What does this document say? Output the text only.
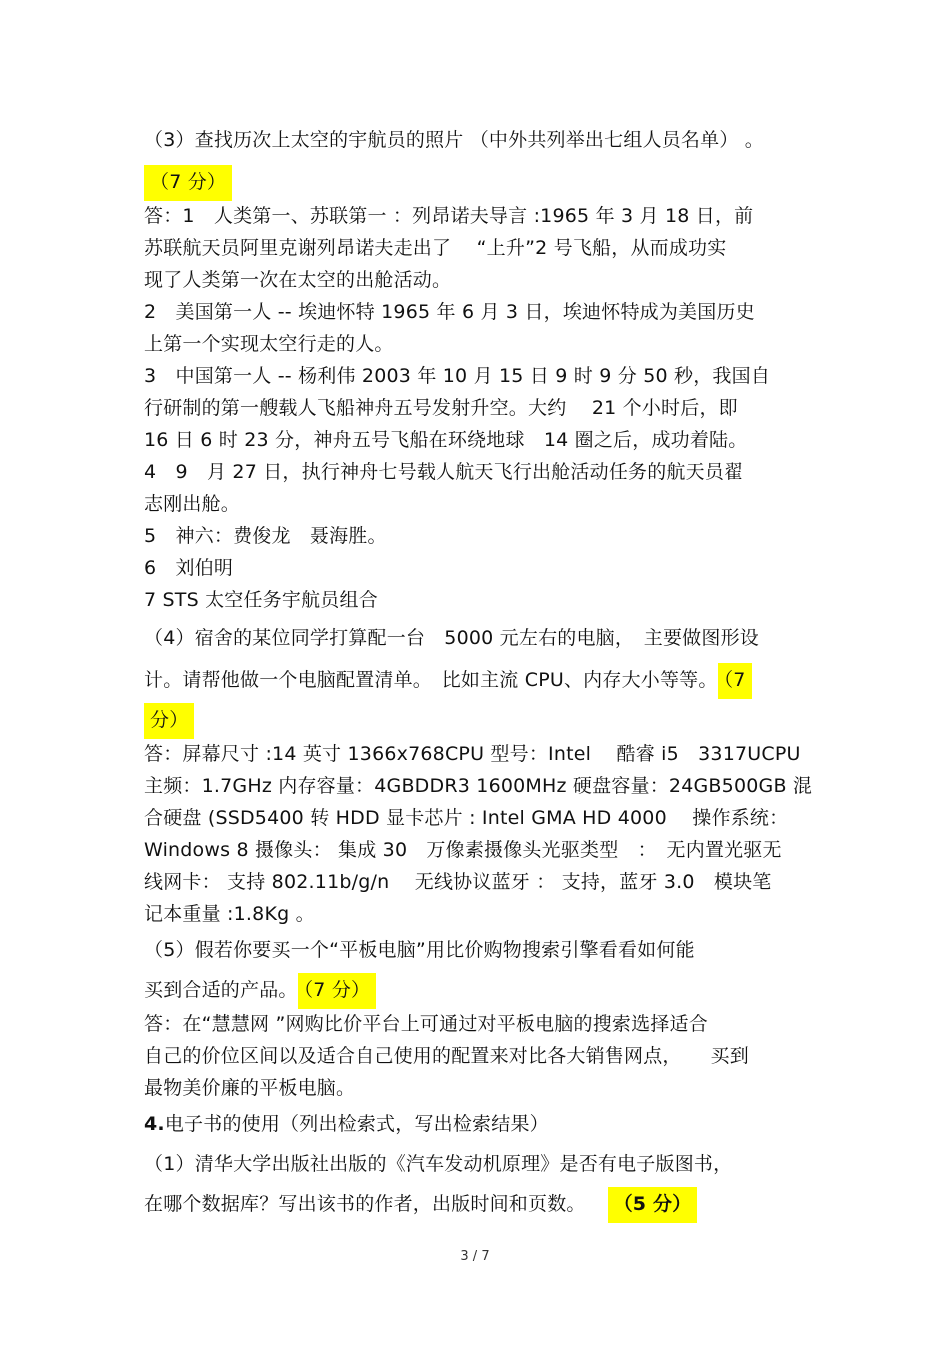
（3）查找历次上太空的宇航员的照片 （中外共列举出七组人员名单） 。
（7 分）
答：1　人类第一、苏联第一 ：列昂诺夫导言 :1965 年 3 月 18 日，前
苏联航天员阿里克谢列昂诺夫走出了　 “上升”2 号飞船，从而成功实
现了人类第一次在太空的出舱活动。
2　美国第一人 -- 埃迪怀特 1965 年 6 月 3 日，埃迪怀特成为美国历史
上第一个实现太空行走的人。
3　中国第一人 -- 杨利伟 2003 年 10 月 15 日 9 时 9 分 50 秒，我国自
行研制的第一艘载人飞船神舟五号发射升空。大约　 21 个小时后，即
16 日 6 时 23 分，神舟五号飞船在环绕地球　14 圈之后，成功着陆。
4　9　月 27 日，执行神舟七号载人航天飞行出舱活动任务的航天员翟
志刚出舱。
5　神六：费俊龙　聂海胜。
6　刘伯明
7 STS 太空任务宇航员组合
（4）宿舍的某位同学打算配一台　5000 元左右的电脑，　主要做图形设
计。请帮他做一个电脑配置清单。　比如主流 CPU、内存大小等等。 （7
分）
答：屏幕尺寸 :14 英寸 1366x768CPU 型号：Intel　 酷睿 i5　3317UCPU
主频：1.7GHz 内存容量：4GBDDR3 1600MHz 硬盘容量：24GB500GB 混
合硬盘 (SSD5400 转 HDD 显卡芯片 : Intel GMA HD 4000　 操作系统：
Windows 8 摄像头： 集成 30　万像素摄像头光驱类型　：　无内置光驱无
线网卡： 支持 802.11b/g/n　 无线协议蓝牙 ： 支持，蓝牙 3.0　模块笔
记本重量 :1.8Kg 。
（5）假若你要买一个“平板电脑”用比价购物搜索引擎看看如何能
买到合适的产品。 （7 分）
答：在“慧慧网 ”网购比价平台上可通过对平板电脑的搜索选择适合
自己的价位区间以及适合自己使用的配置来对比各大销售网点，　　买到
最物美价廉的平板电脑。
4.电子书的使用（列出检索式，写出检索结果）
（1）清华大学出版社出版的《汽车发动机原理》是否有电子版图书，
在哪个数据库？写出该书的作者，出版时间和页数。 （5 分）
3 / 7
